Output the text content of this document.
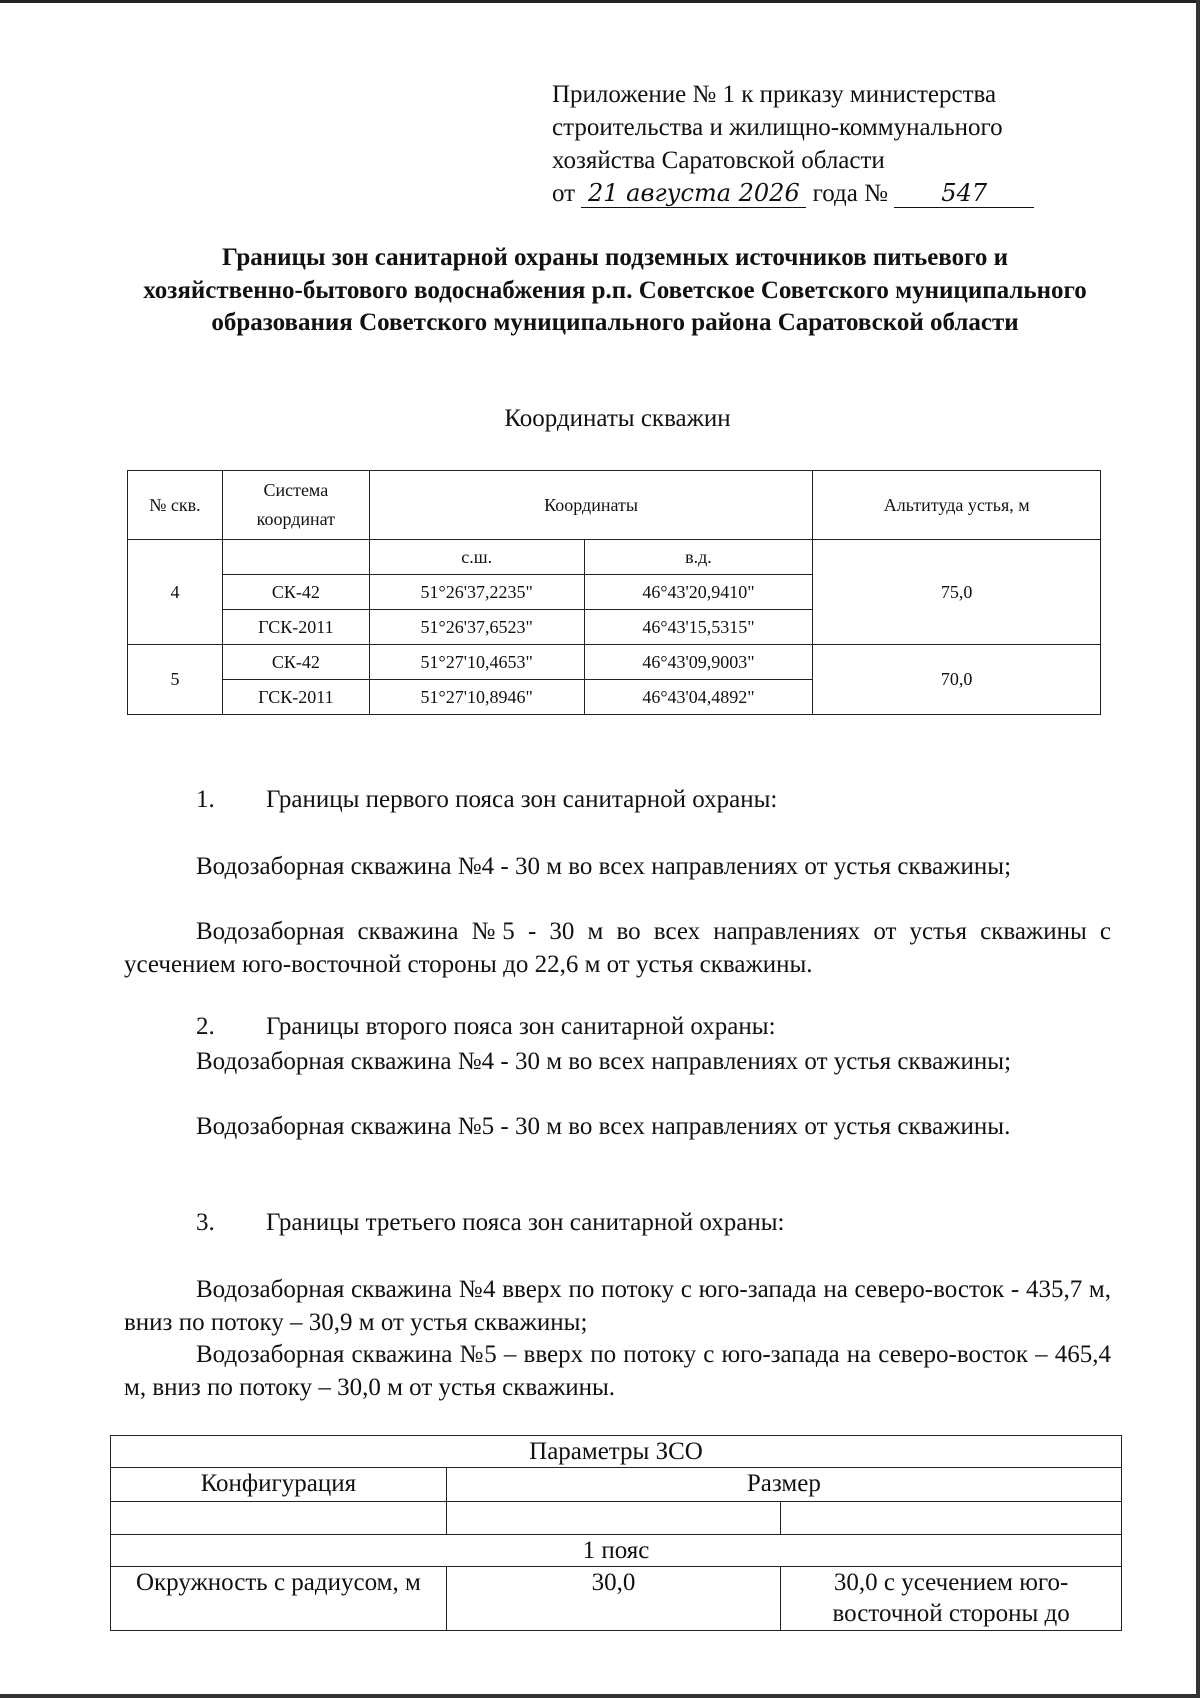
Приложение № 1 к приказу министерства
строительства и жилищно-коммунального
хозяйства Саратовской области
от 21 августа 2026 года № 547
Границы зон санитарной охраны подземных источников питьевого и хозяйственно-бытового водоснабжения р.п. Советское Советского муниципального образования Советского муниципального района Саратовской области
Координаты скважин
№ скв.	Система координат	Координаты		Альтитуда устья, м
4		с.ш.	в.д.	75,0
	СК-42	51°26'37,2235"	46°43'20,9410"	
	ГСК-2011	51°26'37,6523"	46°43'15,5315"	
5	СК-42	51°27'10,4653"	46°43'09,9003"	70,0
	ГСК-2011	51°27'10,8946"	46°43'04,4892"	
1. Границы первого пояса зон санитарной охраны:
Водозаборная скважина №4 - 30 м во всех направлениях от устья скважины;
Водозаборная скважина №5 - 30 м во всех направлениях от устья скважины с усечением юго-восточной стороны до 22,6 м от устья скважины.
2. Границы второго пояса зон санитарной охраны:
Водозаборная скважина №4 - 30 м во всех направлениях от устья скважины;
Водозаборная скважина №5 - 30 м во всех направлениях от устья скважины.
3. Границы третьего пояса зон санитарной охраны:
Водозаборная скважина №4 вверх по потоку с юго-запада на северо-восток - 435,7 м, вниз по потоку – 30,9 м от устья скважины;
Водозаборная скважина №5 – вверх по потоку с юго-запада на северо-восток – 465,4 м, вниз по потоку – 30,0 м от устья скважины.
Параметры ЗСО		
Конфигурация	Размер	

1 пояс		
Окружность с радиусом, м	30,0	30,0 с усечением юго-восточной стороны до
